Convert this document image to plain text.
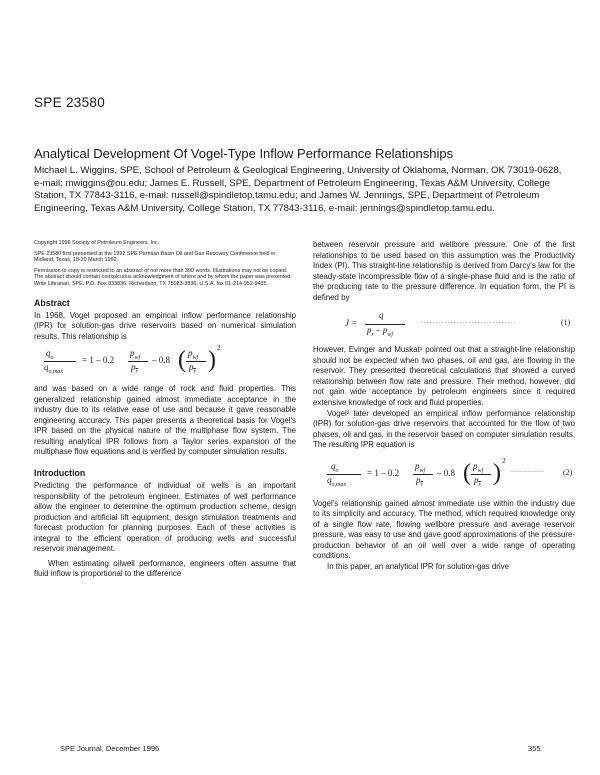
SPE 23580
Analytical Development Of Vogel-Type Inflow Performance Relationships
Michael L. Wiggins, SPE, School of Petroleum & Geological Engineering, University of Oklahoma, Norman, OK 73019-0628, e-mail: mwiggins@ou.edu; James E. Russell, SPE, Department of Petroleum Engineering, Texas A&M University, College Station, TX 77843-3116, e-mail: russell@spindletop.tamu.edu; and James W. Jennings, SPE, Department of Petroleum Engineering, Texas A&M University, College Station, TX 77843-3116, e-mail: jennings@spindletop.tamu.edu.

Copyright 1996 Society of Petroleum Engineers, Inc.

SPE 23580 first presented at the 1992 SPE Permian Basin Oil and Gas Recovery Conference held in Midland, Texas, 18-20 March 1992.

Permission to copy is restricted to an abstract of not more than 300 words. Illustrations may not be copied. The abstract should contain conspicuous acknowledgment of where and by whom the paper was presented. Write Librarian, SPE, P.O. Box 833836, Richardson, TX 75083-3836, U.S.A. fax 01-214-952-9435.

Abstract

In 1968, Vogel proposed an empirical inflow performance relationship (IPR) for solution-gas drive reservoirs based on numerical simulation results. This relationship is

$q_o$
$q_{o,max}$
= 1 – 0.2
$p_{wf}$
$p_r$
– 0.8 ( $p_{wf}$
$p_r$ ) 2

and was based on a wide range of rock and fluid properties. This generalized relationship gained almost immediate acceptance in the industry due to its relative ease of use and because it gave reasonable engineering accuracy. This paper presents a theoretical basis for Vogel's IPR based on the physical nature of the multiphase flow system. The resulting analytical IPR follows from a Taylor series expansion of the multiphase flow equations and is verified by computer simulation results.

Introduction

Predicting the performance of individual oil wells is an important responsibility of the petroleum engineer. Estimates of well performance allow the engineer to determine the optimum production scheme, design production and artificial lift equipment, design stimulation treatments and forecast production for planning purposes. Each of these activities is integral to the efficient operation of producing wells and successful reservoir management.

When estimating oilwell performance, engineers often assume that fluid inflow is proportional to the difference

between reservoir pressure and wellbore pressure. One of the first relationships to be used based on this assumption was the Productivity Index (PI). This straight-line relationship is derived from Darcy's law for the steady-state incompressible flow of a single-phase fluid and is the ratio of the producing rate to the pressure difference. In equation form, the PI is defined by

J =
q
$p_r - p_{wf}$
. . . . . . . . . . . . . . . . . . . . . . . . . . . . . . . .	(1)

However, Evinger and Muskat¹ pointed out that a straight-line relationship should not be expected when two phases, oil and gas, are flowing in the reservoir. They presented theoretical calculations that showed a curved relationship between flow rate and pressure. Their method, however, did not gain wide acceptance by petroleum engineers since it required extensive knowledge of rock and fluid properties.

Vogel² later developed an empirical inflow performance relationship (IPR) for solution-gas drive reservoirs that accounted for the flow of two phases, oil and gas, in the reservoir based on computer simulation results. The resulting IPR equation is

$q_o$
$q_{o,max}$
= 1 – 0.2
$p_{wf}$
$p_r$
– 0.8 ( $p_{wf}$
$p_r$ ) 2
. . . . . . . . . . . . . . . . . . . . . . (2)

Vogel's relationship gained almost immediate use within the industry due to its simplicity and accuracy. The method, which required knowledge only of a single flow rate, flowing wellbore pressure and average reservoir pressure, was easy to use and gave good approximations of the pressure-production behavior of an oil well over a wide range of operating conditions.

In this paper, an analytical IPR for solution-gas drive

SPE Journal, December 1996	355
